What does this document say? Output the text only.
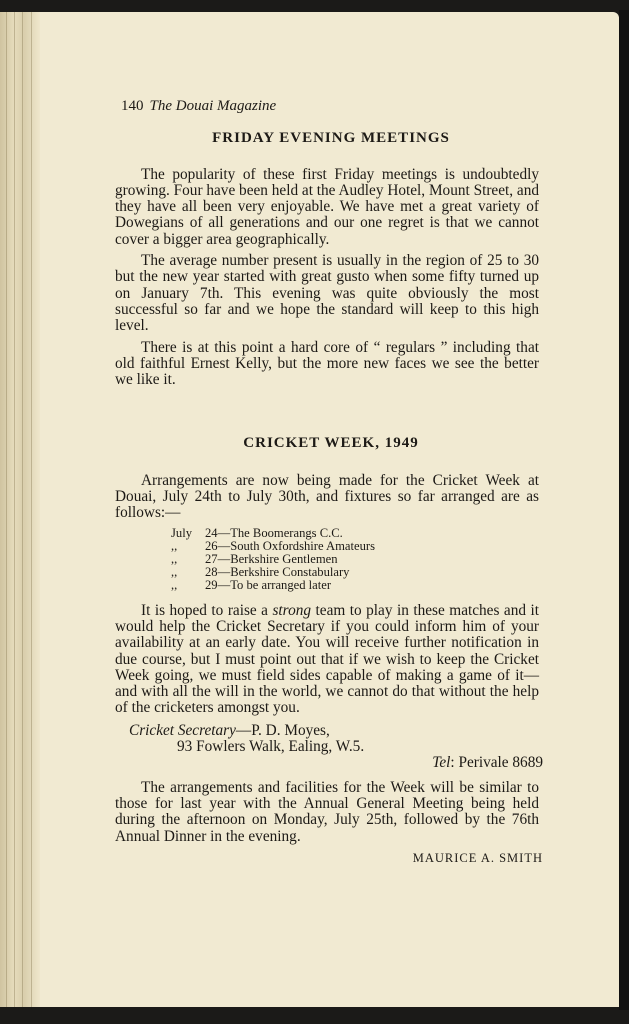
140 The Douai Magazine
FRIDAY EVENING MEETINGS

The popularity of these first Friday meetings is undoubtedly growing. Four have been held at the Audley Hotel, Mount Street, and they have all been very enjoyable. We have met a great variety of Dowegians of all generations and our one regret is that we cannot cover a bigger area geographically.

The average number present is usually in the region of 25 to 30 but the new year started with great gusto when some fifty turned up on January 7th. This evening was quite obviously the most successful so far and we hope the standard will keep to this high level.

There is at this point a hard core of “ regulars ” including that old faithful Ernest Kelly, but the more new faces we see the better we like it.

CRICKET WEEK, 1949

Arrangements are now being made for the Cricket Week at Douai, July 24th to July 30th, and fixtures so far arranged are as follows:—

July	24—The Boomerangs C.C.
,,	26—South Oxfordshire Amateurs
,,	27—Berkshire Gentlemen
,,	28—Berkshire Constabulary
,,	29—To be arranged later

It is hoped to raise a strong team to play in these matches and it would help the Cricket Secretary if you could inform him of your availability at an early date. You will receive further notification in due course, but I must point out that if we wish to keep the Cricket Week going, we must field sides capable of making a game of it—and with all the will in the world, we cannot do that without the help of the cricketers amongst you.

Cricket Secretary—P. D. Moyes,
93 Fowlers Walk, Ealing, W.5.
Tel: Perivale 8689

The arrangements and facilities for the Week will be similar to those for last year with the Annual General Meeting being held during the afternoon on Monday, July 25th, followed by the 76th Annual Dinner in the evening.

MAURICE A. SMITH
